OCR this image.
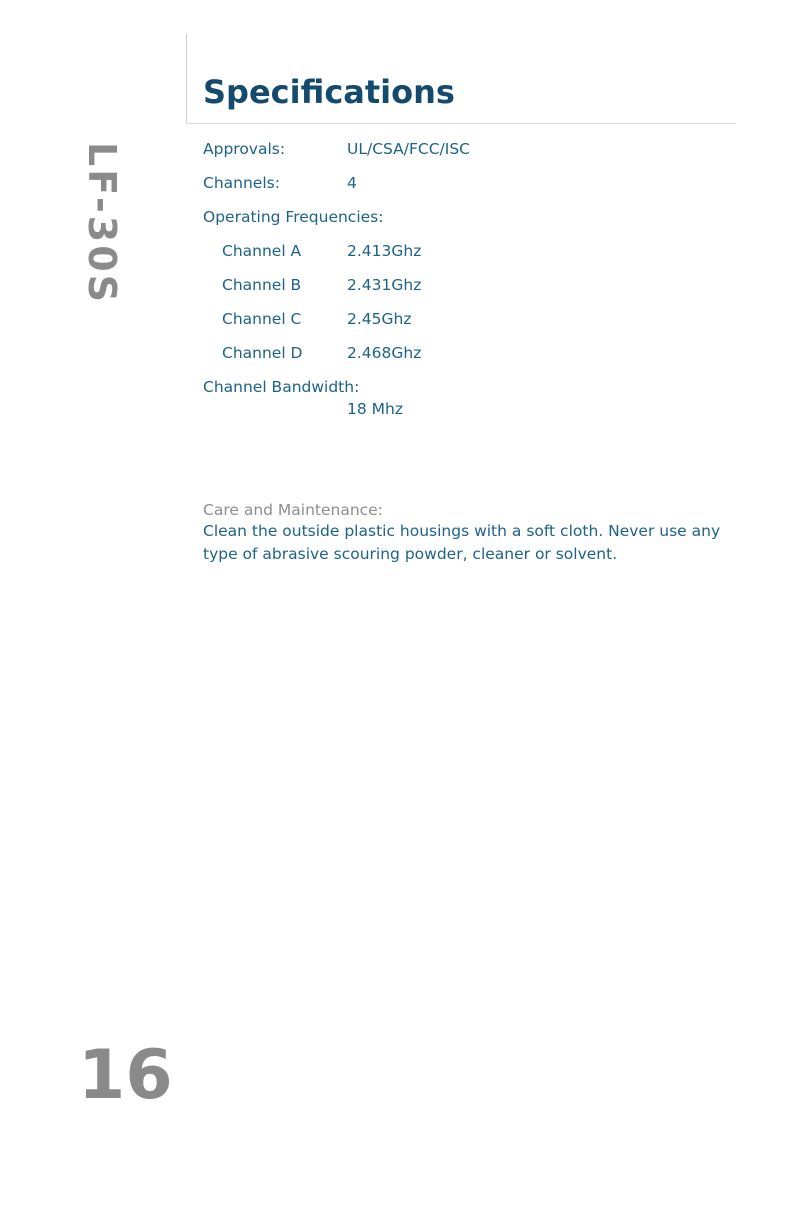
Specifications
LF-30S	Approvals:	UL/CSA/FCC/ISC
Channels:	4
Operating Frequencies:
Channel A	2.413Ghz
Channel B	2.431Ghz
Channel C	2.45Ghz
Channel D	2.468Ghz
Channel Bandwidth:
18 Mhz
Care and Maintenance:
Clean the outside plastic housings with a soft cloth. Never use any type of abrasive scouring powder, cleaner or solvent.
16
